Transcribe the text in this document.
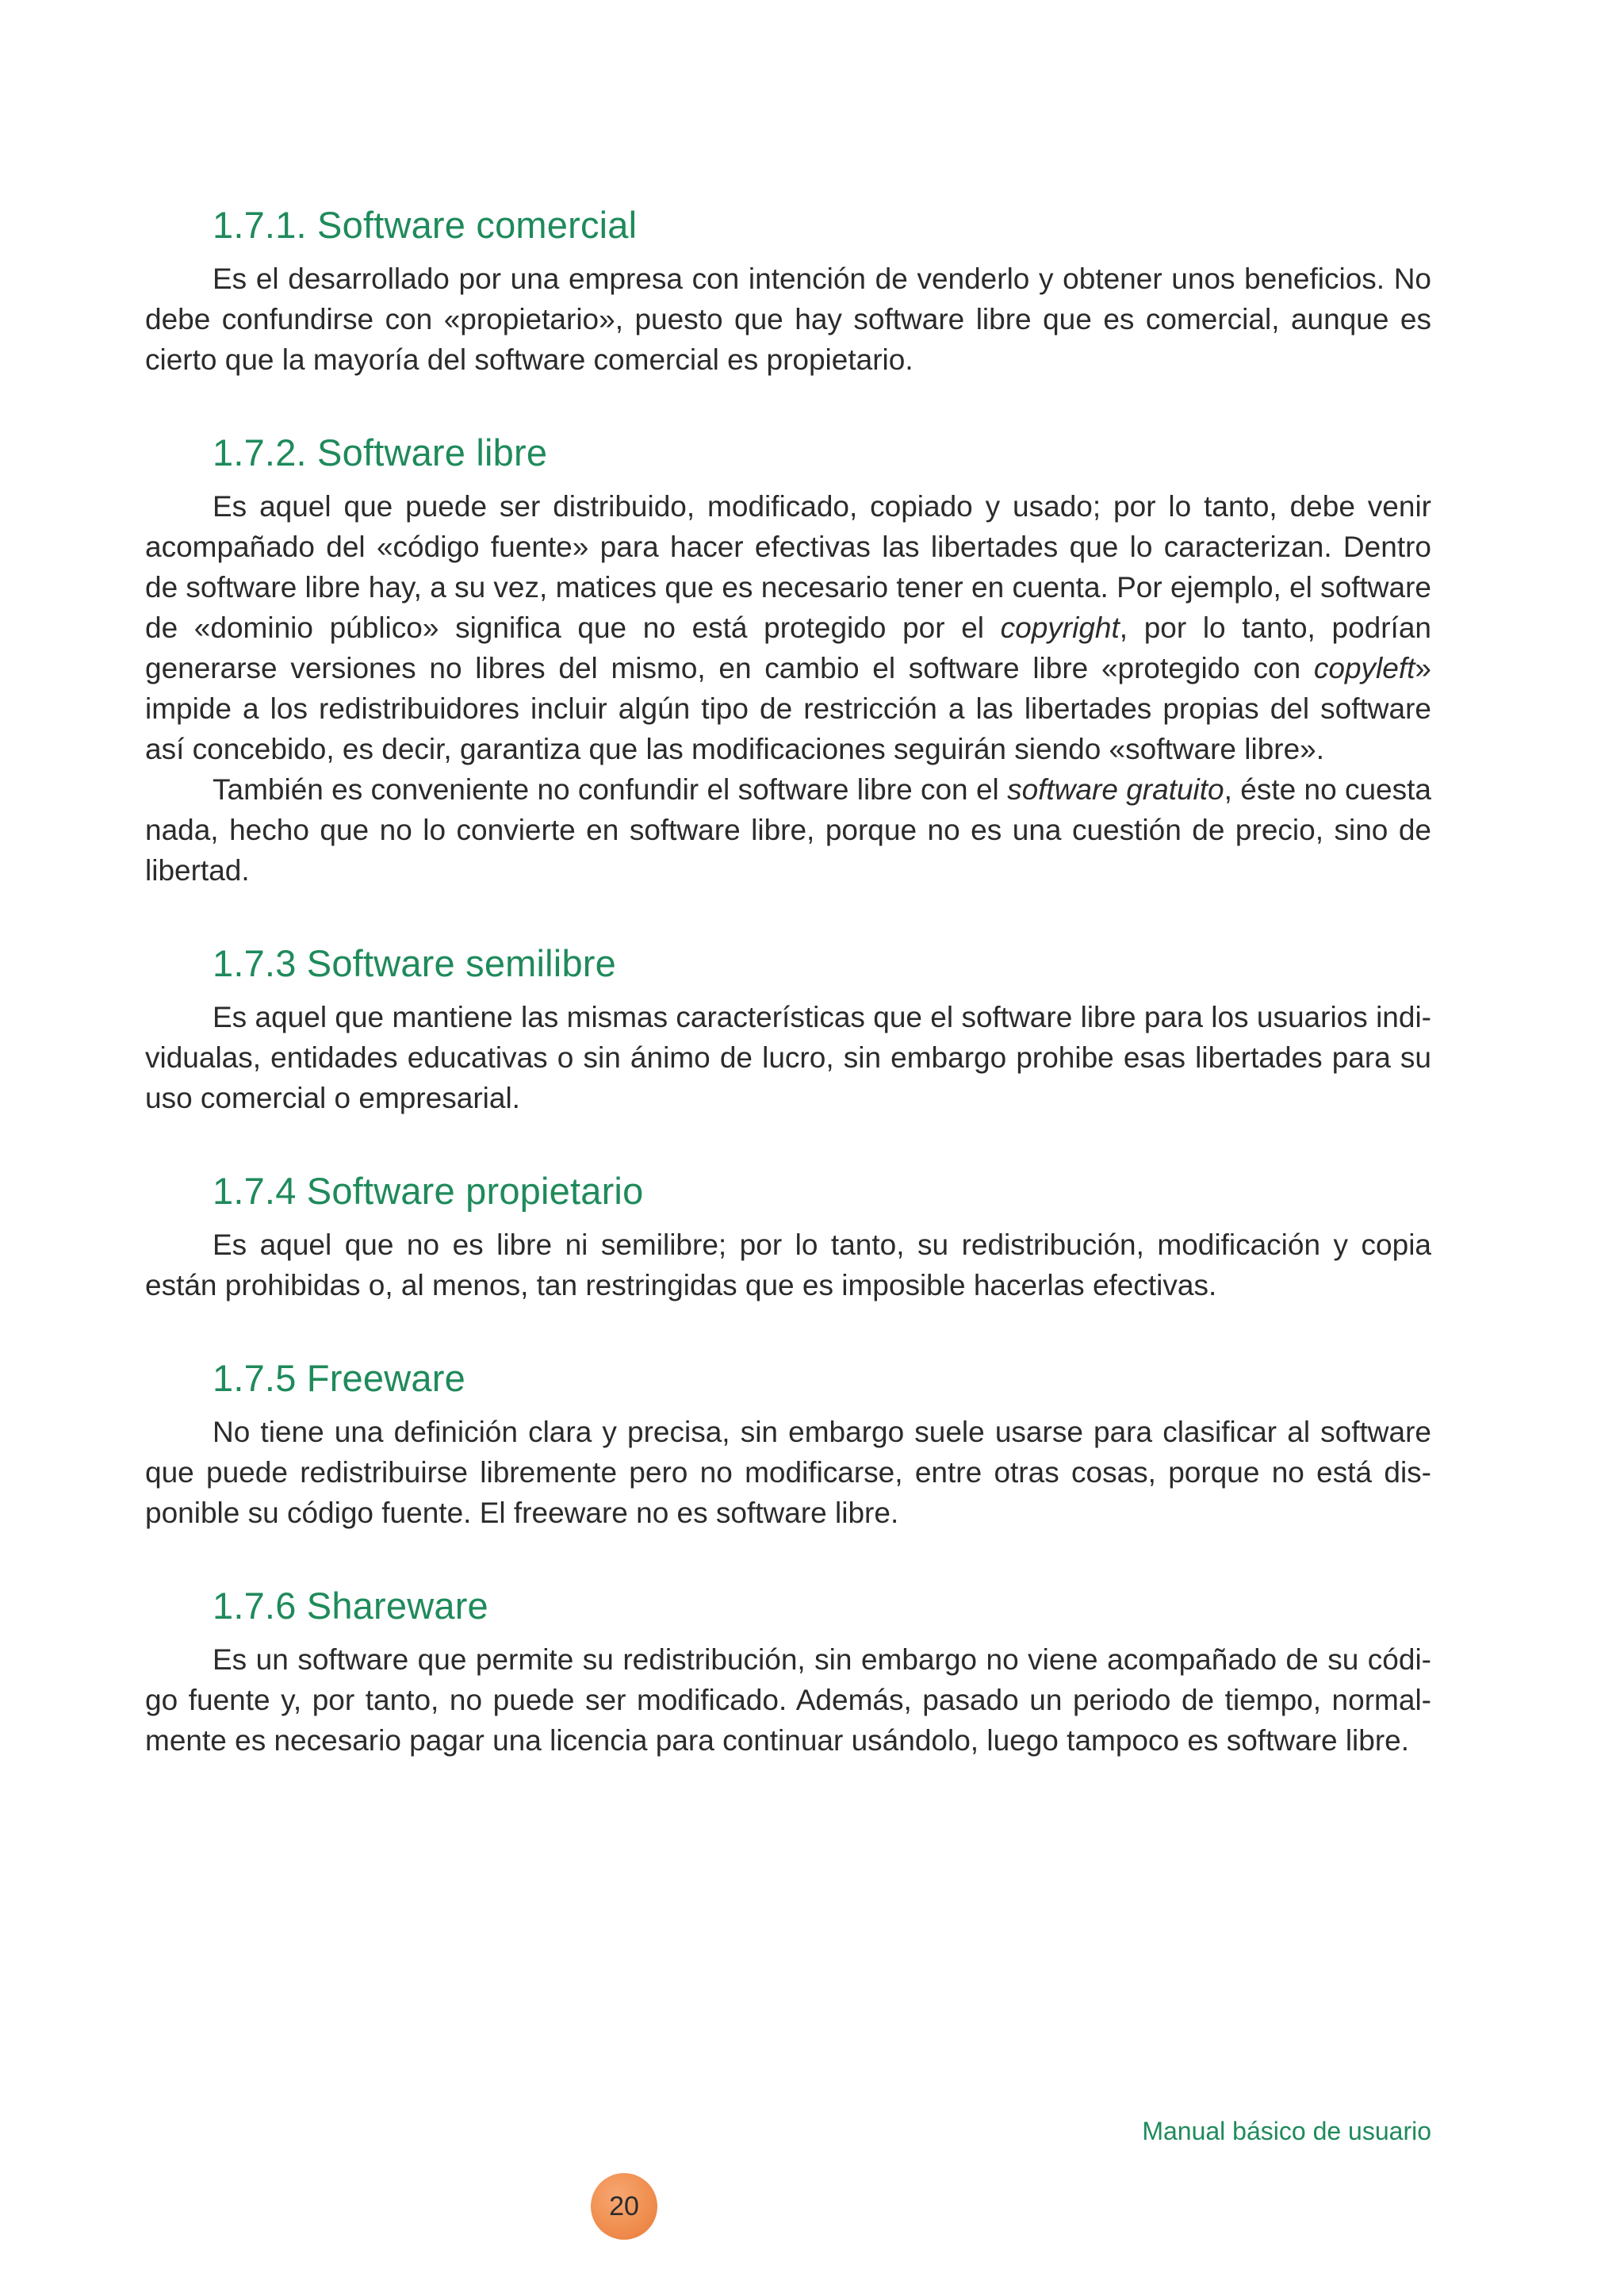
1.7.1. Software comercial

Es el desarrollado por una empresa con intención de venderlo y obtener unos beneficios. No debe confundirse con «propietario», puesto que hay software libre que es comercial, aunque es cierto que la mayoría del software comercial es propietario.

1.7.2. Software libre

Es aquel que puede ser distribuido, modificado, copiado y usado; por lo tanto, debe venir acompañado del «código fuente» para hacer efectivas las libertades que lo caracterizan. Dentro de software libre hay, a su vez, matices que es necesario tener en cuenta. Por ejemplo, el software de «dominio público» significa que no está protegido por el copyright, por lo tanto, podrían generarse versiones no libres del mismo, en cambio el software libre «protegido con copyleft» impide a los redistribuidores incluir algún tipo de restricción a las libertades propias del software así concebido, es decir, garantiza que las modificaciones seguirán siendo «software libre».

También es conveniente no confundir el software libre con el software gratuito, éste no cuesta nada, hecho que no lo convierte en software libre, porque no es una cuestión de precio, sino de libertad.

1.7.3 Software semilibre

Es aquel que mantiene las mismas características que el software libre para los usuarios individualas, entidades educativas o sin ánimo de lucro, sin embargo prohibe esas libertades para su uso comercial o empresarial.

1.7.4 Software propietario

Es aquel que no es libre ni semilibre; por lo tanto, su redistribución, modificación y copia están prohibidas o, al menos, tan restringidas que es imposible hacerlas efectivas.

1.7.5 Freeware

No tiene una definición clara y precisa, sin embargo suele usarse para clasificar al software que puede redistribuirse libremente pero no modificarse, entre otras cosas, porque no está disponible su código fuente. El freeware no es software libre.

1.7.6 Shareware

Es un software que permite su redistribución, sin embargo no viene acompañado de su código fuente y, por tanto, no puede ser modificado. Además, pasado un periodo de tiempo, normalmente es necesario pagar una licencia para continuar usándolo, luego tampoco es software libre.

Manual básico de usuario
20
